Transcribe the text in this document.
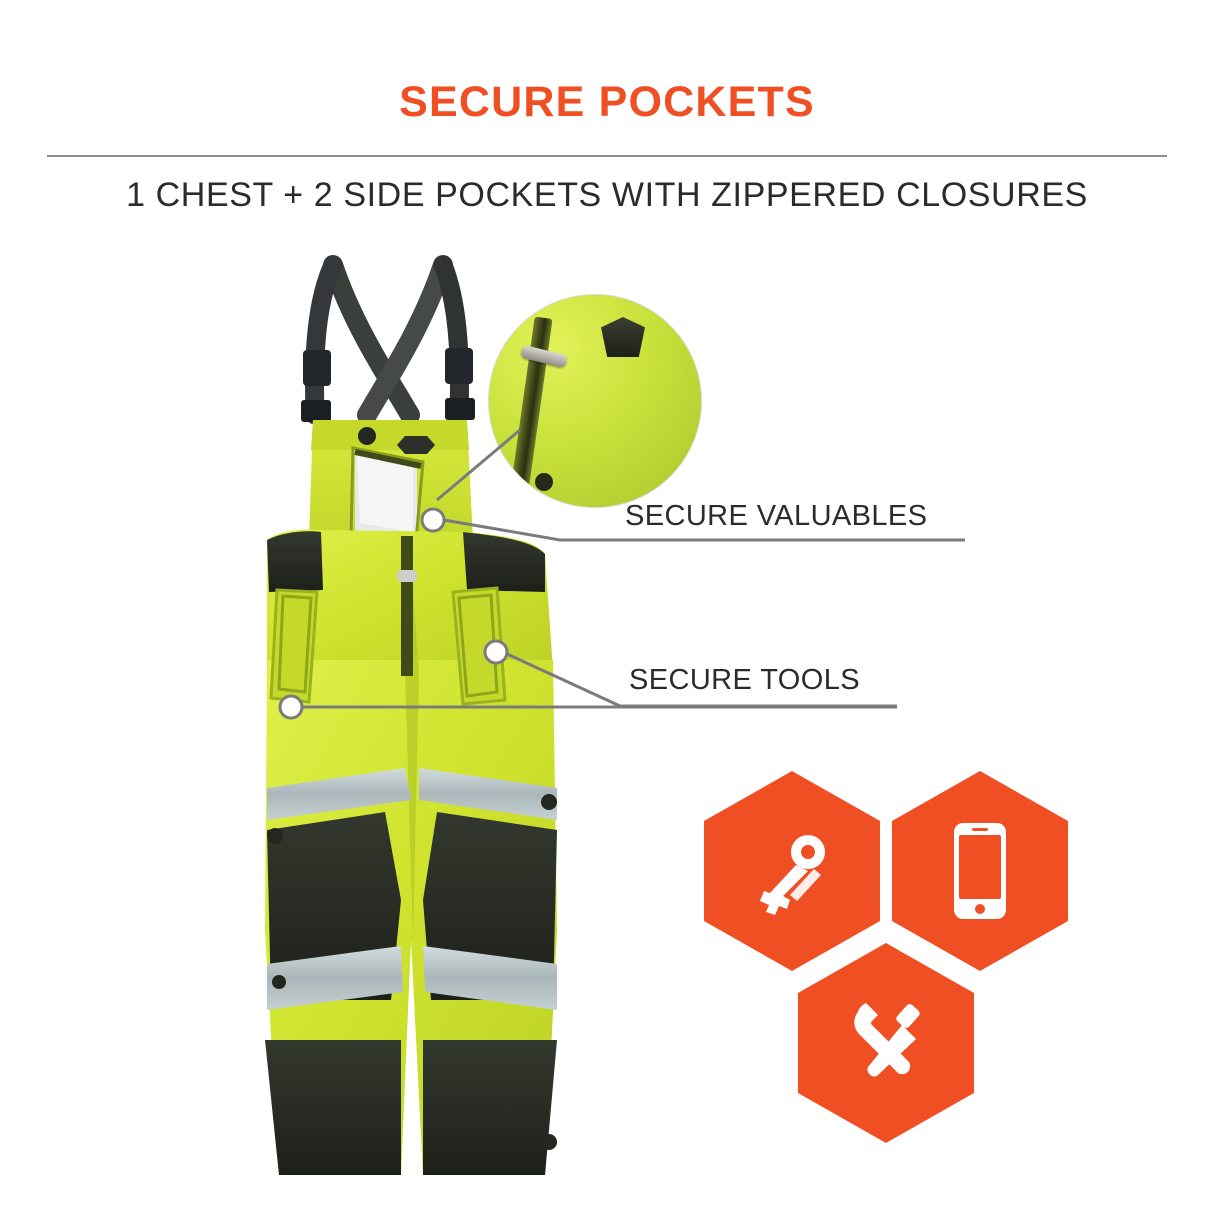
SECURE POCKETS
1 CHEST + 2 SIDE POCKETS WITH ZIPPERED CLOSURES
SECURE VALUABLES
SECURE TOOLS
